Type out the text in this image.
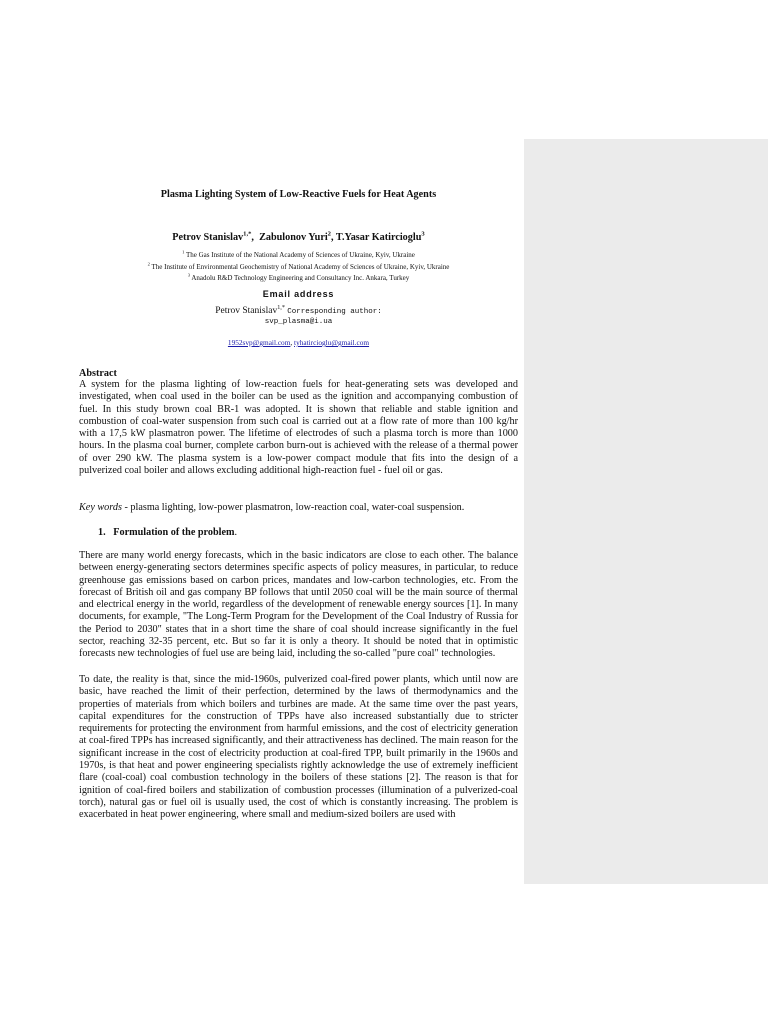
Plasma Lighting System of Low-Reactive Fuels for Heat Agents
Petrov Stanislav$^{1,*}$,  Zabulonov Yuri$^2$, T.Yasar Katircioglu$^3$
$^1$ The Gas Institute of the National Academy of Sciences of Ukraine, Kyiv, Ukraine
$^2$ The Institute of Environmental Geochemistry of National Academy of Sciences of Ukraine, Kyiv, Ukraine
$^3$ Anadolu R&D Technology Engineering and Consultancy Inc. Ankara, Turkey
Email address
Petrov Stanislav$^{1,*}$ Corresponding author:
svp_plasma@i.ua
1952svp@gmail.com, tyhatircioglu@gmail.com
Abstract

A system for the plasma lighting of low-reaction fuels for heat-generating sets was developed and investigated, when coal used in the boiler can be used as the ignition and accompanying combustion of fuel. In this study brown coal BR-1 was adopted. It is shown that reliable and stable ignition and combustion of coal-water suspension from such coal is carried out at a flow rate of more than 100 kg/hr with a 17,5 kW plasmatron power. The lifetime of electrodes of such a plasma torch is more than 1000 hours. In the plasma coal burner, complete carbon burn-out is achieved with the release of a thermal power of over 290 kW. The plasma system is a low-power compact module that fits into the design of a pulverized coal boiler and allows excluding additional high-reaction fuel - fuel oil or gas.

Key words - plasma lighting, low-power plasmatron, low-reaction coal, water-coal suspension.

1. Formulation of the problem.

There are many world energy forecasts, which in the basic indicators are close to each other. The balance between energy-generating sectors determines specific aspects of policy measures, in particular, to reduce greenhouse gas emissions based on carbon prices, mandates and low-carbon technologies, etc. From the forecast of British oil and gas company BP follows that until 2050 coal will be the main source of thermal and electrical energy in the world, regardless of the development of renewable energy sources [1]. In many documents, for example, "The Long-Term Program for the Development of the Coal Industry of Russia for the Period to 2030" states that in a short time the share of coal should increase significantly in the fuel sector, reaching 32-35 percent, etc. But so far it is only a theory. It should be noted that in optimistic forecasts new technologies of fuel use are being laid, including the so-called "pure coal" technologies.

To date, the reality is that, since the mid-1960s, pulverized coal-fired power plants, which until now are basic, have reached the limit of their perfection, determined by the laws of thermodynamics and the properties of materials from which boilers and turbines are made. At the same time over the past years, capital expenditures for the construction of TPPs have also increased substantially due to stricter requirements for protecting the environment from harmful emissions, and the cost of electricity generation at coal-fired TPPs has increased significantly, and their attractiveness has declined. The main reason for the significant increase in the cost of electricity production at coal-fired TPP, built primarily in the 1960s and 1970s, is that heat and power engineering specialists rightly acknowledge the use of extremely inefficient flare (coal-coal) coal combustion technology in the boilers of these stations [2]. The reason is that for ignition of coal-fired boilers and stabilization of combustion processes (illumination of a pulverized-coal torch), natural gas or fuel oil is usually used, the cost of which is constantly increasing. The problem is exacerbated in heat power engineering, where small and medium-sized boilers are used with
